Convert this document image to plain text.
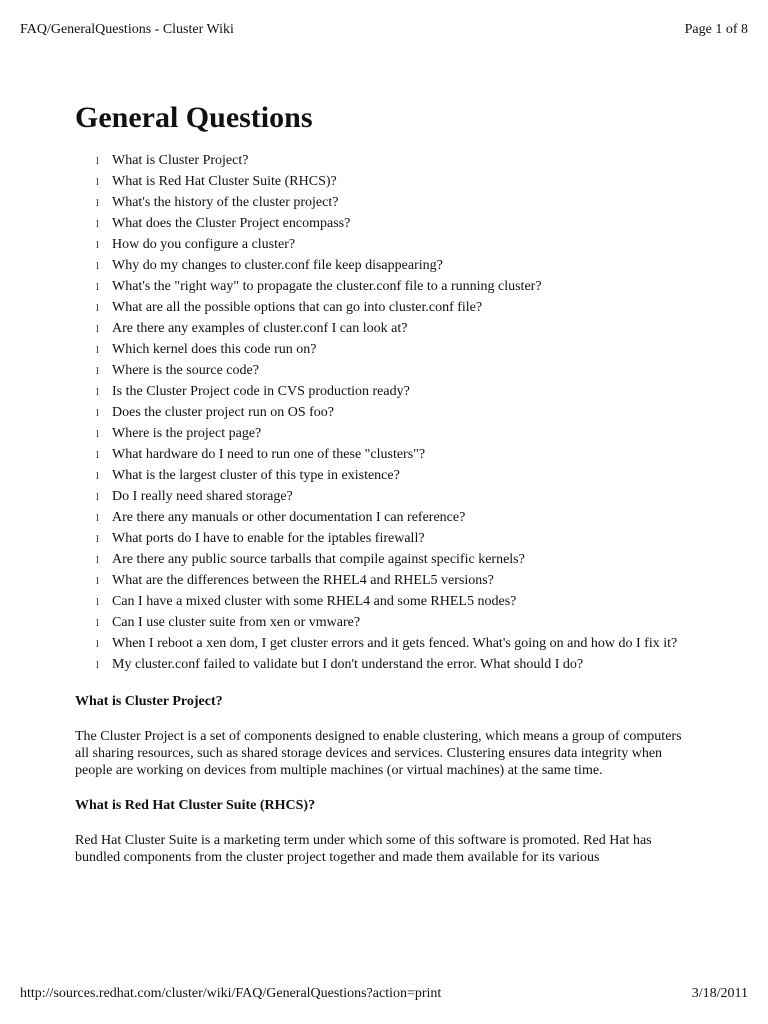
FAQ/GeneralQuestions - Cluster Wiki	Page 1 of 8
General Questions
l What is Cluster Project?
l What is Red Hat Cluster Suite (RHCS)?
l What's the history of the cluster project?
l What does the Cluster Project encompass?
l How do you configure a cluster?
l Why do my changes to cluster.conf file keep disappearing?
l What's the "right way" to propagate the cluster.conf file to a running cluster?
l What are all the possible options that can go into cluster.conf file?
l Are there any examples of cluster.conf I can look at?
l Which kernel does this code run on?
l Where is the source code?
l Is the Cluster Project code in CVS production ready?
l Does the cluster project run on OS foo?
l Where is the project page?
l What hardware do I need to run one of these "clusters"?
l What is the largest cluster of this type in existence?
l Do I really need shared storage?
l Are there any manuals or other documentation I can reference?
l What ports do I have to enable for the iptables firewall?
l Are there any public source tarballs that compile against specific kernels?
l What are the differences between the RHEL4 and RHEL5 versions?
l Can I have a mixed cluster with some RHEL4 and some RHEL5 nodes?
l Can I use cluster suite from xen or vmware?
l When I reboot a xen dom, I get cluster errors and it gets fenced. What's going on and how do I fix it?
l My cluster.conf failed to validate but I don't understand the error. What should I do?
What is Cluster Project?

The Cluster Project is a set of components designed to enable clustering, which means a group of computers all sharing resources, such as shared storage devices and services. Clustering ensures data integrity when people are working on devices from multiple machines (or virtual machines) at the same time.

What is Red Hat Cluster Suite (RHCS)?

Red Hat Cluster Suite is a marketing term under which some of this software is promoted. Red Hat has bundled components from the cluster project together and made them available for its various

http://sources.redhat.com/cluster/wiki/FAQ/GeneralQuestions?action=print	3/18/2011
